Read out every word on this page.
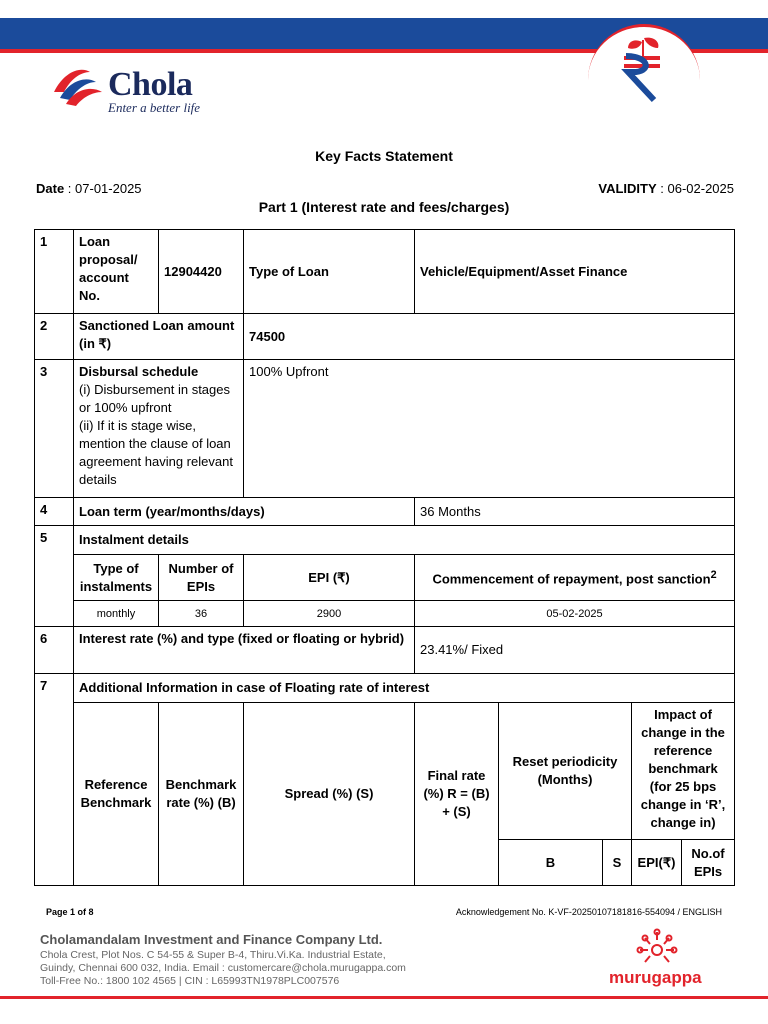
Chola
Enter a better life
Key Facts Statement
Date : 07-01-2025	VALIDITY : 06-02-2025
Part 1 (Interest rate and fees/charges)
1	Loan proposal/ account No.	12904420	Type of Loan	Vehicle/Equipment/Asset Finance				
2	Sanctioned Loan amount (in ₹)		74500					
3	Disbursal schedule
(i) Disbursement in stages or 100% upfront
(ii) If it is stage wise, mention the clause of loan agreement having relevant details		100% Upfront					
4	Loan term (year/months/days)			36 Months				
5	Instalment details							
	Type of instalments	Number of EPIs	EPI (₹)	Commencement of repayment, post sanction$^2$
	monthly	36	2900	05-02-2025				
6	Interest rate (%) and type (fixed or floating or hybrid)			23.41%/ Fixed				
7	Additional Information in case of Floating rate of interest							
	Reference Benchmark	Benchmark rate (%) (B)	Spread (%) (S)	Final rate (%) R = (B) + (S)	Reset periodicity (Months)		Impact of change in the reference benchmark (for 25 bps change in ‘R’, change in)	
					B	S	EPI(₹)	No.of EPIs
Page 1 of 8	Acknowledgement No. K-VF-20250107181816-554094 / ENGLISH
Cholamandalam Investment and Finance Company Ltd.
Chola Crest, Plot Nos. C 54-55 & Super B-4, Thiru.Vi.Ka. Industrial Estate,
Guindy, Chennai 600 032, India. Email : customercare@chola.murugappa.com
Toll-Free No.: 1800 102 4565 | CIN : L65993TN1978PLC007576	murugappa
